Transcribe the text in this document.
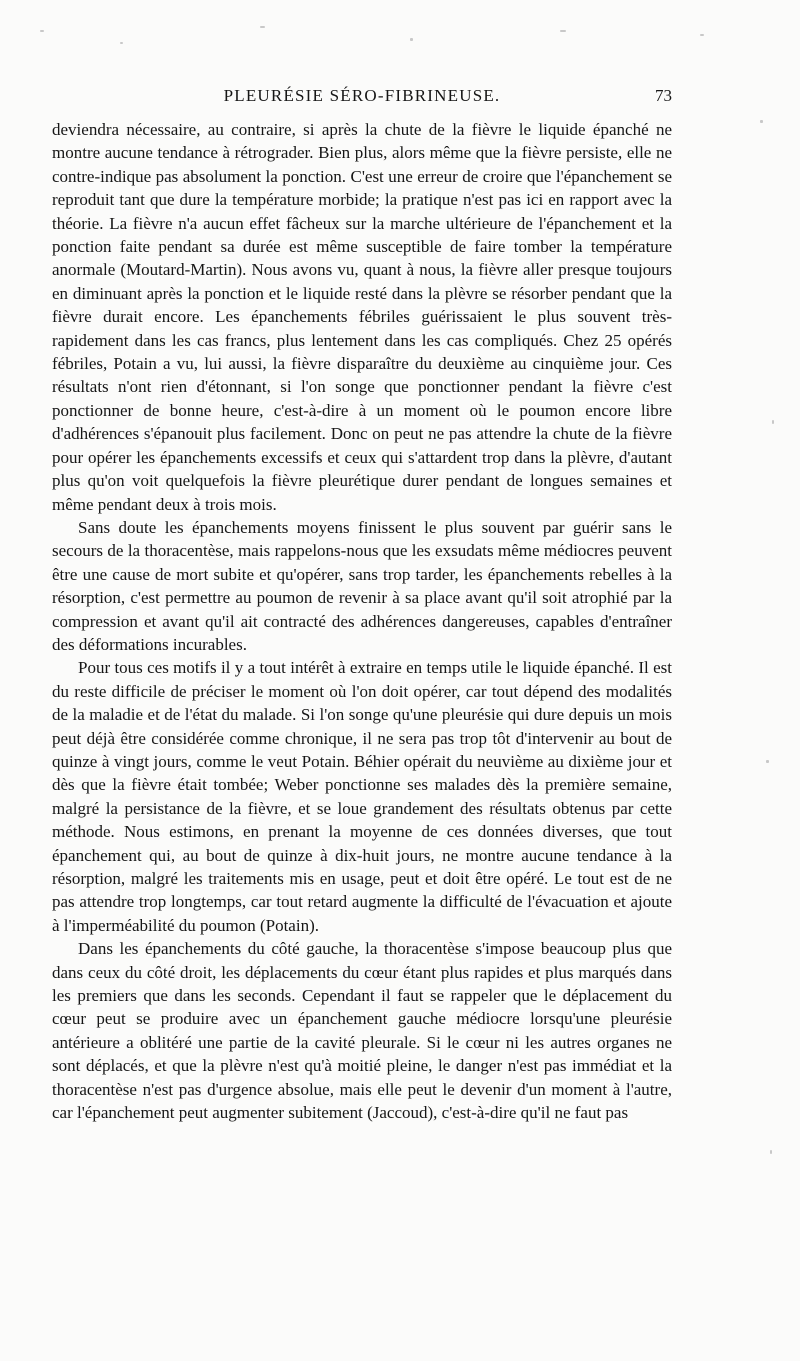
PLEURÉSIE SÉRO-FIBRINEUSE.	73

deviendra nécessaire, au contraire, si après la chute de la fièvre le liquide épanché ne montre aucune tendance à rétrograder. Bien plus, alors même que la fièvre persiste, elle ne contre-indique pas absolument la ponction. C'est une erreur de croire que l'épanchement se reproduit tant que dure la température morbide; la pratique n'est pas ici en rapport avec la théorie. La fièvre n'a aucun effet fâcheux sur la marche ultérieure de l'épanchement et la ponction faite pendant sa durée est même susceptible de faire tomber la température anormale (Moutard-Martin). Nous avons vu, quant à nous, la fièvre aller presque toujours en diminuant après la ponction et le liquide resté dans la plèvre se résorber pendant que la fièvre durait encore. Les épanchements fébriles guérissaient le plus souvent très-rapidement dans les cas francs, plus lentement dans les cas compliqués. Chez 25 opérés fébriles, Potain a vu, lui aussi, la fièvre disparaître du deuxième au cinquième jour. Ces résultats n'ont rien d'étonnant, si l'on songe que ponctionner pendant la fièvre c'est ponctionner de bonne heure, c'est-à-dire à un moment où le poumon encore libre d'adhérences s'épanouit plus facilement. Donc on peut ne pas attendre la chute de la fièvre pour opérer les épanchements excessifs et ceux qui s'attardent trop dans la plèvre, d'autant plus qu'on voit quelquefois la fièvre pleurétique durer pendant de longues semaines et même pendant deux à trois mois.

Sans doute les épanchements moyens finissent le plus souvent par guérir sans le secours de la thoracentèse, mais rappelons-nous que les exsudats même médiocres peuvent être une cause de mort subite et qu'opérer, sans trop tarder, les épanchements rebelles à la résorption, c'est permettre au poumon de revenir à sa place avant qu'il soit atrophié par la compression et avant qu'il ait contracté des adhérences dangereuses, capables d'entraîner des déformations incurables.

Pour tous ces motifs il y a tout intérêt à extraire en temps utile le liquide épanché. Il est du reste difficile de préciser le moment où l'on doit opérer, car tout dépend des modalités de la maladie et de l'état du malade. Si l'on songe qu'une pleurésie qui dure depuis un mois peut déjà être considérée comme chronique, il ne sera pas trop tôt d'intervenir au bout de quinze à vingt jours, comme le veut Potain. Béhier opérait du neuvième au dixième jour et dès que la fièvre était tombée; Weber ponctionne ses malades dès la première semaine, malgré la persistance de la fièvre, et se loue grandement des résultats obtenus par cette méthode. Nous estimons, en prenant la moyenne de ces données diverses, que tout épanchement qui, au bout de quinze à dix-huit jours, ne montre aucune tendance à la résorption, malgré les traitements mis en usage, peut et doit être opéré. Le tout est de ne pas attendre trop longtemps, car tout retard augmente la difficulté de l'évacuation et ajoute à l'imperméabilité du poumon (Potain).

Dans les épanchements du côté gauche, la thoracentèse s'impose beaucoup plus que dans ceux du côté droit, les déplacements du cœur étant plus rapides et plus marqués dans les premiers que dans les seconds. Cependant il faut se rappeler que le déplacement du cœur peut se produire avec un épanchement gauche médiocre lorsqu'une pleurésie antérieure a oblitéré une partie de la cavité pleurale. Si le cœur ni les autres organes ne sont déplacés, et que la plèvre n'est qu'à moitié pleine, le danger n'est pas immédiat et la thoracentèse n'est pas d'urgence absolue, mais elle peut le devenir d'un moment à l'autre, car l'épanchement peut augmenter subitement (Jaccoud), c'est-à-dire qu'il ne faut pas
